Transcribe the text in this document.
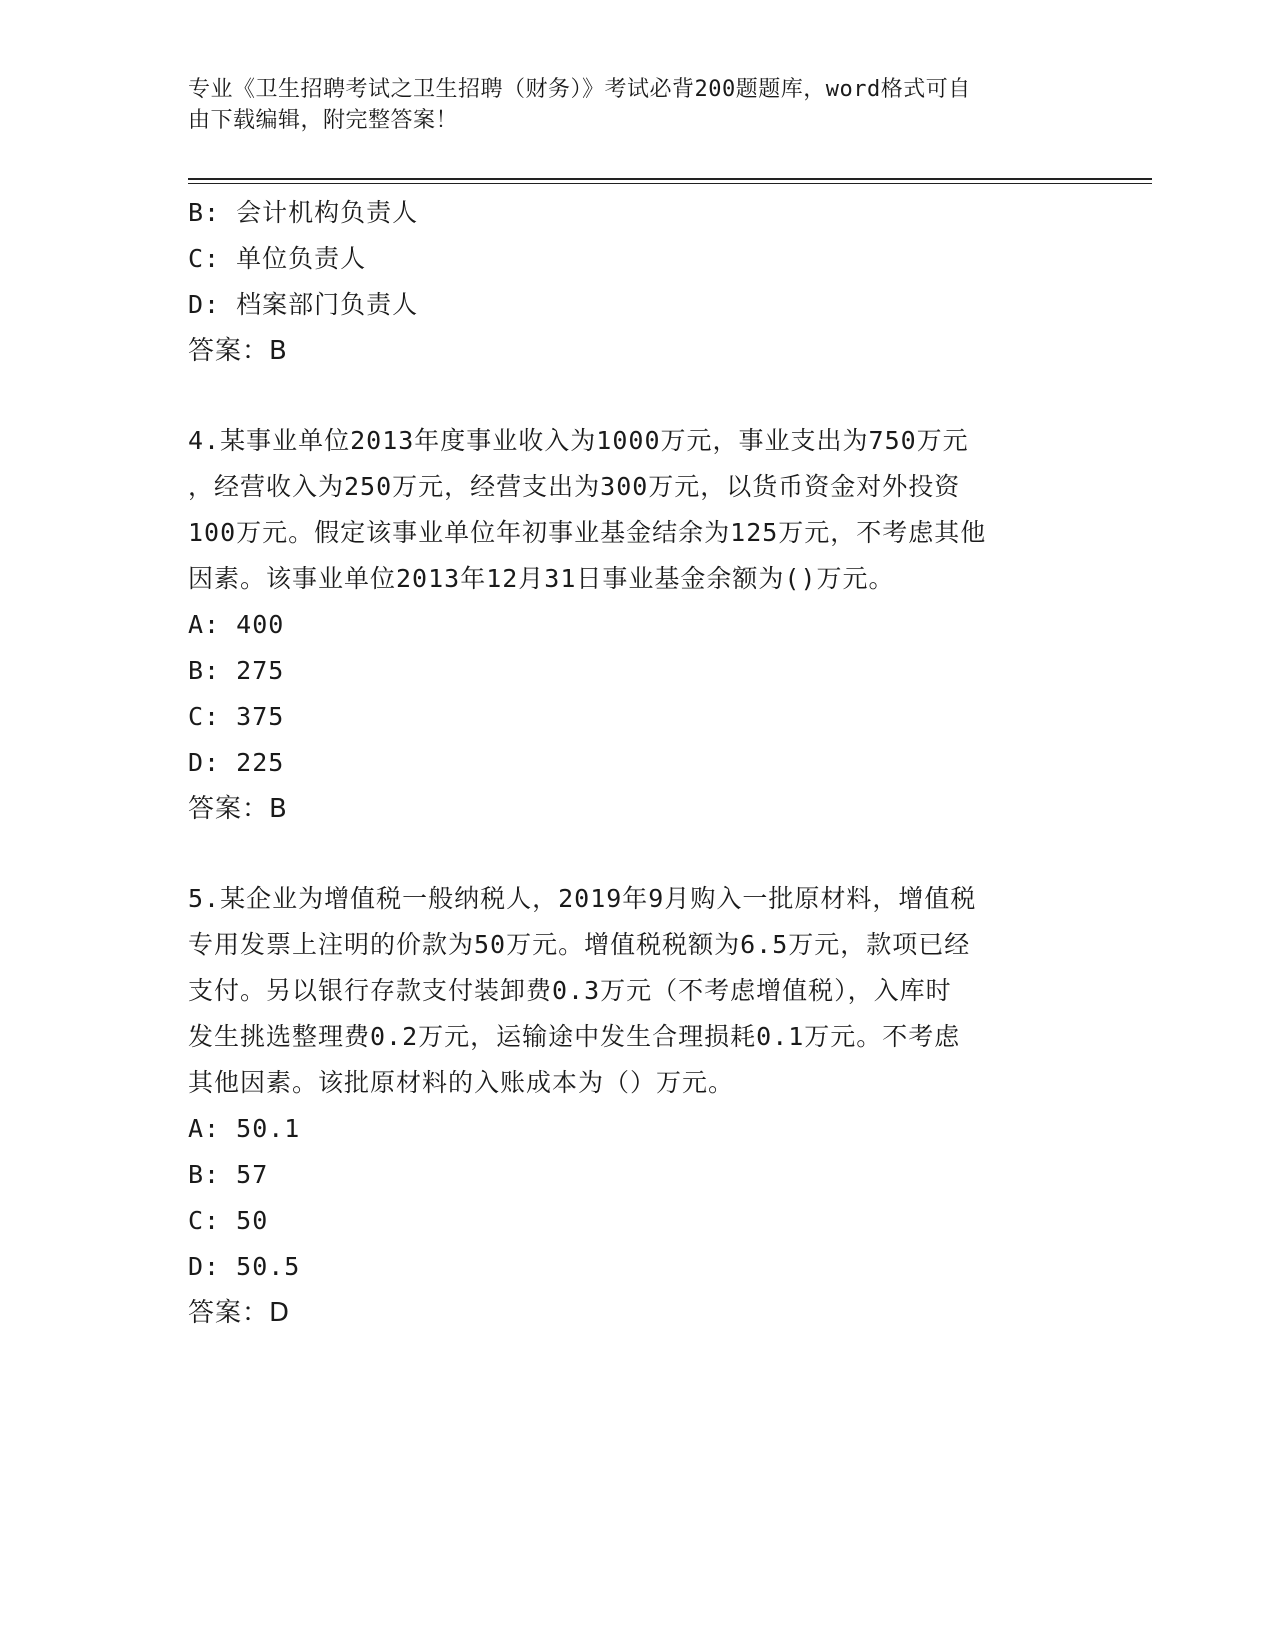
专业《卫生招聘考试之卫生招聘（财务）》考试必背200题题库，word格式可自
由下载编辑，附完整答案！
B: 会计机构负责人
C: 单位负责人
D: 档案部门负责人
答案：B
4.某事业单位2013年度事业收入为1000万元，事业支出为750万元
，经营收入为250万元，经营支出为300万元，以货币资金对外投资
100万元。假定该事业单位年初事业基金结余为125万元，不考虑其他
因素。该事业单位2013年12月31日事业基金余额为()万元。
A: 400
B: 275
C: 375
D: 225
答案：B
5.某企业为增值税一般纳税人，2019年9月购入一批原材料，增值税
专用发票上注明的价款为50万元。增值税税额为6.5万元，款项已经
支付。另以银行存款支付装卸费0.3万元（不考虑增值税），入库时
发生挑选整理费0.2万元，运输途中发生合理损耗0.1万元。不考虑
其他因素。该批原材料的入账成本为（）万元。
A: 50.1
B: 57
C: 50
D: 50.5
答案：D
